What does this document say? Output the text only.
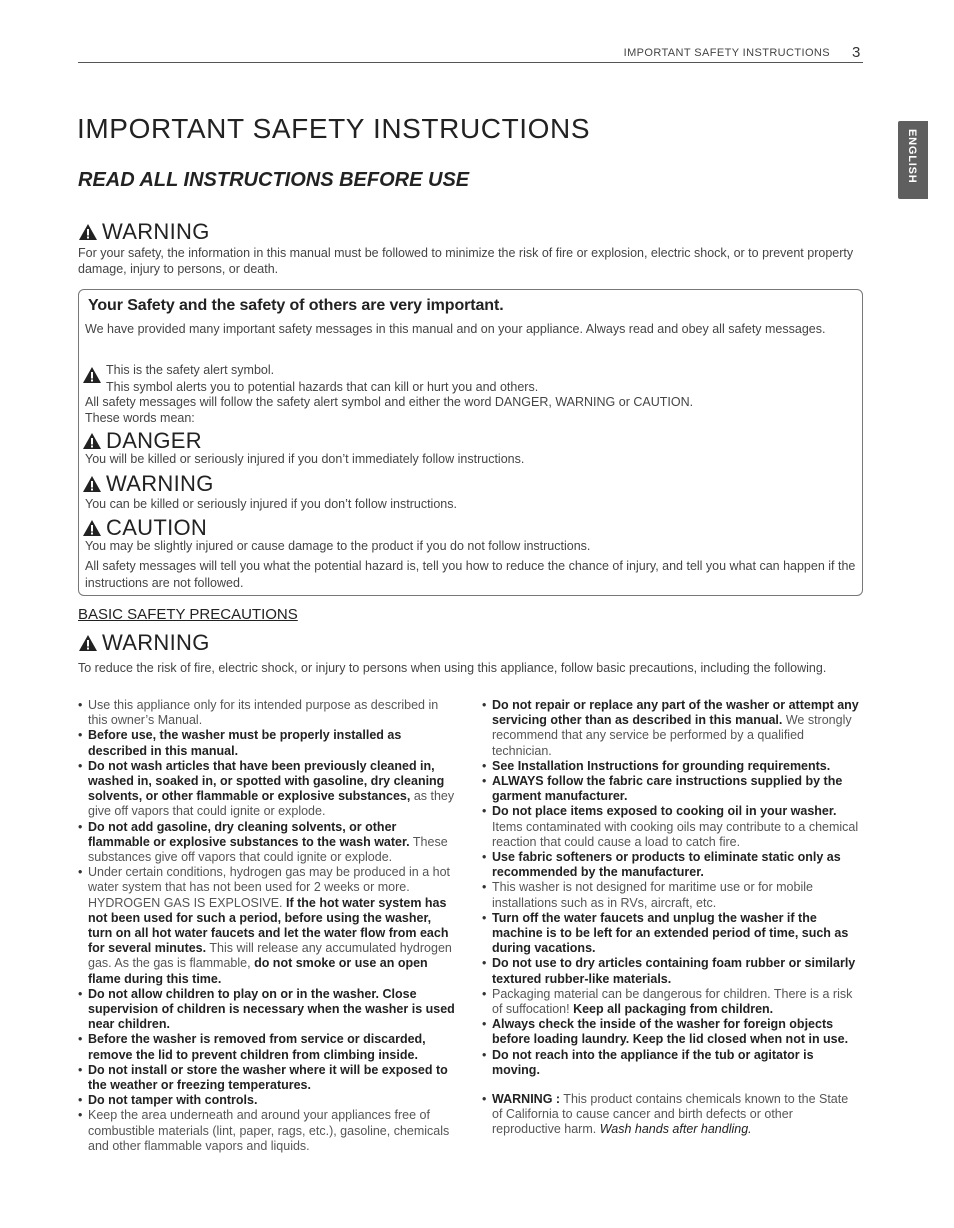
IMPORTANT SAFETY INSTRUCTIONS 3
ENGLISH
IMPORTANT SAFETY INSTRUCTIONS
READ ALL INSTRUCTIONS BEFORE USE
WARNING
For your safety, the information in this manual must be followed to minimize the risk of fire or explosion, electric shock, or to prevent property damage, injury to persons, or death.
Your Safety and the safety of others are very important.
We have provided many important safety messages in this manual and on your appliance. Always read and obey all safety messages.
This is the safety alert symbol.
This symbol alerts you to potential hazards that can kill or hurt you and others.
All safety messages will follow the safety alert symbol and either the word DANGER, WARNING or CAUTION.
These words mean:
DANGER
You will be killed or seriously injured if you don’t immediately follow instructions.
WARNING
You can be killed or seriously injured if you don’t follow instructions.
CAUTION
You may be slightly injured or cause damage to the product if you do not follow instructions.
All safety messages will tell you what the potential hazard is, tell you how to reduce the chance of injury, and tell you what can happen if the instructions are not followed.
BASIC SAFETY PRECAUTIONS
WARNING
To reduce the risk of fire, electric shock, or injury to persons when using this appliance, follow basic precautions, including the following.
• Use this appliance only for its intended purpose as described in this owner’s Manual.
• Before use, the washer must be properly installed as described in this manual.
• Do not wash articles that have been previously cleaned in, washed in, soaked in, or spotted with gasoline, dry cleaning solvents, or other flammable or explosive substances, as they give off vapors that could ignite or explode.
• Do not add gasoline, dry cleaning solvents, or other flammable or explosive substances to the wash water. These substances give off vapors that could ignite or explode.
• Under certain conditions, hydrogen gas may be produced in a hot water system that has not been used for 2 weeks or more. HYDROGEN GAS IS EXPLOSIVE. If the hot water system has not been used for such a period, before using the washer, turn on all hot water faucets and let the water flow from each for several minutes. This will release any accumulated hydrogen gas. As the gas is flammable, do not smoke or use an open flame during this time.
• Do not allow children to play on or in the washer. Close supervision of children is necessary when the washer is used near children.
• Before the washer is removed from service or discarded, remove the lid to prevent children from climbing inside.
• Do not install or store the washer where it will be exposed to the weather or freezing temperatures.
• Do not tamper with controls.
• Keep the area underneath and around your appliances free of combustible materials (lint, paper, rags, etc.), gasoline, chemicals and other flammable vapors and liquids.
• Do not repair or replace any part of the washer or attempt any servicing other than as described in this manual. We strongly recommend that any service be performed by a qualified technician.
• See Installation Instructions for grounding requirements.
• ALWAYS follow the fabric care instructions supplied by the garment manufacturer.
• Do not place items exposed to cooking oil in your washer. Items contaminated with cooking oils may contribute to a chemical reaction that could cause a load to catch fire.
• Use fabric softeners or products to eliminate static only as recommended by the manufacturer.
• This washer is not designed for maritime use or for mobile installations such as in RVs, aircraft, etc.
• Turn off the water faucets and unplug the washer if the machine is to be left for an extended period of time, such as during vacations.
• Do not use to dry articles containing foam rubber or similarly textured rubber-like materials.
• Packaging material can be dangerous for children. There is a risk of suffocation! Keep all packaging from children.
• Always check the inside of the washer for foreign objects before loading laundry. Keep the lid closed when not in use.
• Do not reach into the appliance if the tub or agitator is moving.
• WARNING : This product contains chemicals known to the State of California to cause cancer and birth defects or other reproductive harm. Wash hands after handling.
